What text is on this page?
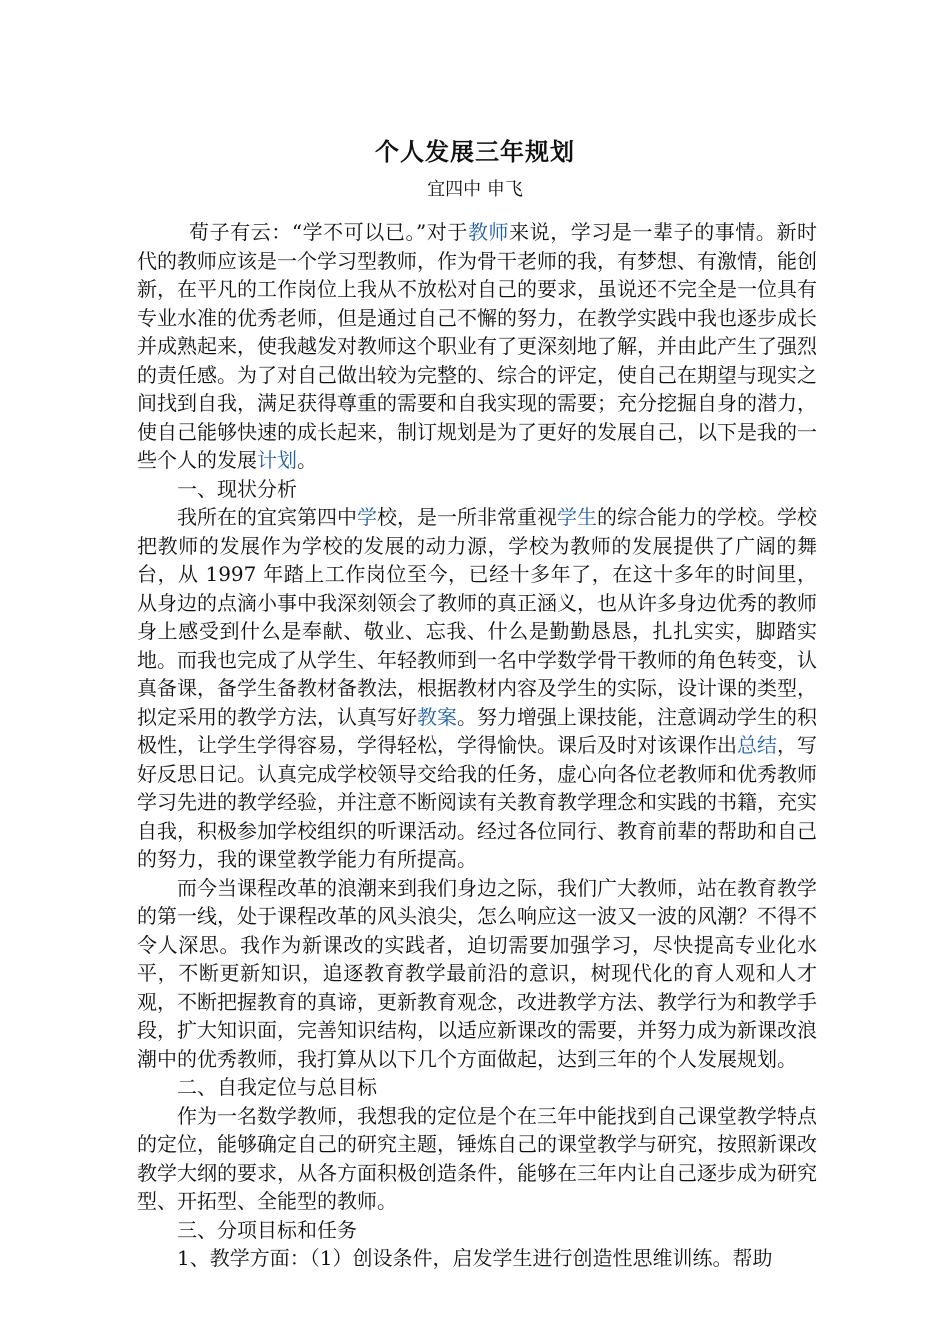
个人发展三年规划
宜四中 申飞

荀子有云：“学不可以已。”对于教师来说，学习是一辈子的事情。新时代的教师应该是一个学习型教师，作为骨干老师的我，有梦想、有激情，能创新，在平凡的工作岗位上我从不放松对自己的要求，虽说还不完全是一位具有专业水准的优秀老师，但是通过自己不懈的努力，在教学实践中我也逐步成长并成熟起来，使我越发对教师这个职业有了更深刻地了解，并由此产生了强烈的责任感。为了对自己做出较为完整的、综合的评定，使自己在期望与现实之间找到自我，满足获得尊重的需要和自我实现的需要；充分挖掘自身的潜力，使自己能够快速的成长起来，制订规划是为了更好的发展自己，以下是我的一些个人的发展计划。

一、现状分析

我所在的宜宾第四中学校，是一所非常重视学生的综合能力的学校。学校把教师的发展作为学校的发展的动力源，学校为教师的发展提供了广阔的舞台，从 1997 年踏上工作岗位至今，已经十多年了，在这十多年的时间里，从身边的点滴小事中我深刻领会了教师的真正涵义，也从许多身边优秀的教师身上感受到什么是奉献、敬业、忘我、什么是勤勤恳恳，扎扎实实，脚踏实地。而我也完成了从学生、年轻教师到一名中学数学骨干教师的角色转变，认真备课，备学生备教材备教法，根据教材内容及学生的实际，设计课的类型，拟定采用的教学方法，认真写好教案。努力增强上课技能，注意调动学生的积极性，让学生学得容易，学得轻松，学得愉快。课后及时对该课作出总结，写好反思日记。认真完成学校领导交给我的任务，虚心向各位老教师和优秀教师学习先进的教学经验，并注意不断阅读有关教育教学理念和实践的书籍，充实自我，积极参加学校组织的听课活动。经过各位同行、教育前辈的帮助和自己的努力，我的课堂教学能力有所提高。

而今当课程改革的浪潮来到我们身边之际，我们广大教师，站在教育教学的第一线，处于课程改革的风头浪尖，怎么响应这一波又一波的风潮？不得不令人深思。我作为新课改的实践者，迫切需要加强学习，尽快提高专业化水平，不断更新知识，追逐教育教学最前沿的意识，树现代化的育人观和人才观，不断把握教育的真谛，更新教育观念，改进教学方法、教学行为和教学手段，扩大知识面，完善知识结构，以适应新课改的需要，并努力成为新课改浪潮中的优秀教师，我打算从以下几个方面做起，达到三年的个人发展规划。

二、自我定位与总目标

作为一名数学教师，我想我的定位是个在三年中能找到自己课堂教学特点的定位，能够确定自己的研究主题，锤炼自己的课堂教学与研究，按照新课改教学大纲的要求，从各方面积极创造条件，能够在三年内让自己逐步成为研究型、开拓型、全能型的教师。

三、分项目标和任务

1、教学方面：（1）创设条件，启发学生进行创造性思维训练。帮助
